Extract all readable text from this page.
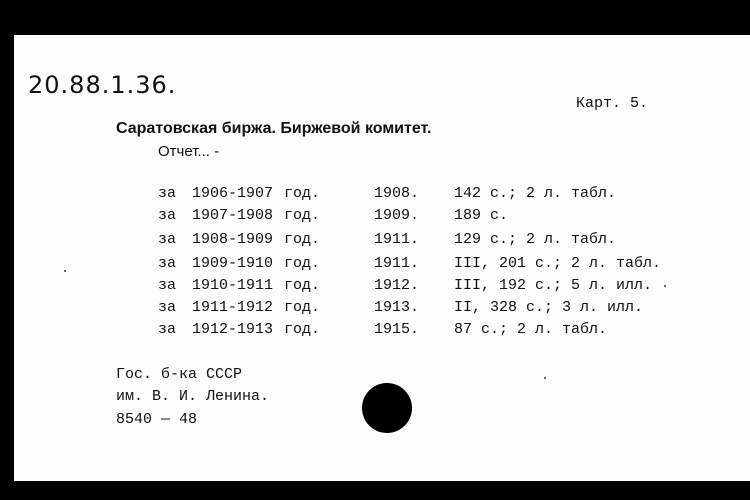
20.88.1.36.
Карт. 5.
Саратовская биржа. Биржевой комитет.
Отчет... -
за 1906-1907 год.	1908. 142 с.; 2 л. табл.
за 1907-1908 год.	1909. 189 с.
за 1908-1909 год.	1911. 129 с.; 2 л. табл.
за 1909-1910 год.	1911. III, 201 с.; 2 л. табл.
за 1910-1911 год.	1912. III, 192 с.; 5 л. илл.
за 1911-1912 год.	1913. II, 328 с.; 3 л. илл.
за 1912-1913 год.	1915. 87 с.; 2 л. табл.
Гос. б-ка СССР
им. В. И. Ленина.
8540 — 48
